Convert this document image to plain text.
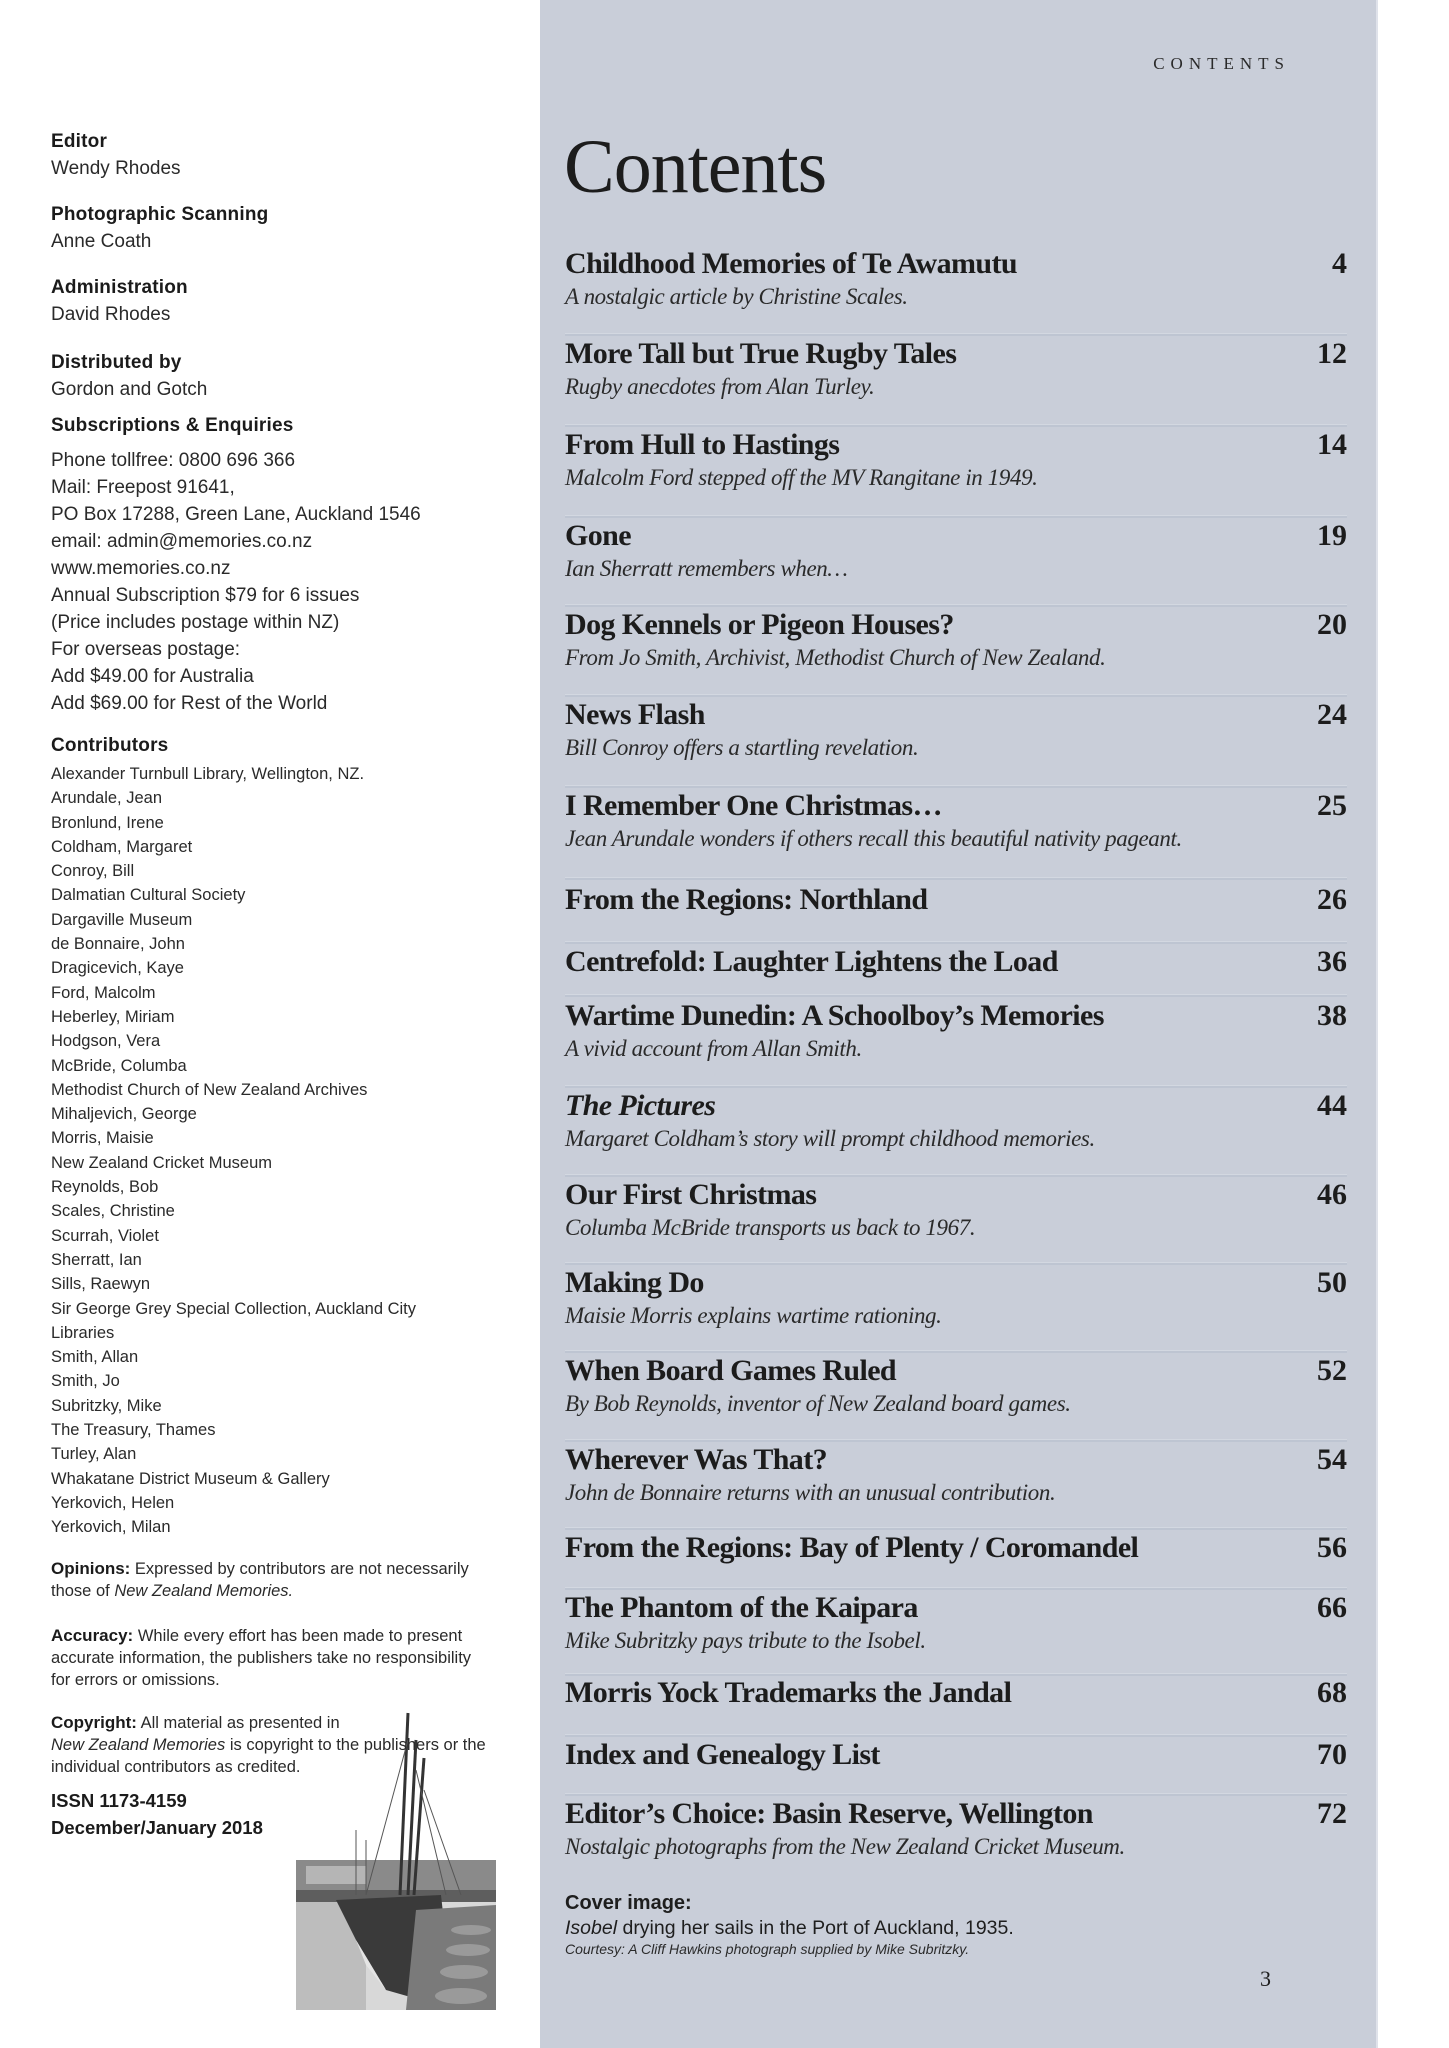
Editor
Wendy Rhodes
Photographic Scanning
Anne Coath
Administration
David Rhodes
Distributed by
Gordon and Gotch
Subscriptions & Enquiries
Phone tollfree: 0800 696 366
Mail: Freepost 91641,
PO Box 17288, Green Lane, Auckland 1546
email: admin@memories.co.nz
www.memories.co.nz
Annual Subscription $79 for 6 issues
(Price includes postage within NZ)
For overseas postage:
Add $49.00 for Australia
Add $69.00 for Rest of the World
Contributors
Alexander Turnbull Library, Wellington, NZ.
Arundale, Jean
Bronlund, Irene
Coldham, Margaret
Conroy, Bill
Dalmatian Cultural Society
Dargaville Museum
de Bonnaire, John
Dragicevich, Kaye
Ford, Malcolm
Heberley, Miriam
Hodgson, Vera
McBride, Columba
Methodist Church of New Zealand Archives
Mihaljevich, George
Morris, Maisie
New Zealand Cricket Museum
Reynolds, Bob
Scales, Christine
Scurrah, Violet
Sherratt, Ian
Sills, Raewyn
Sir George Grey Special Collection, Auckland City
Libraries
Smith, Allan
Smith, Jo
Subritzky, Mike
The Treasury, Thames
Turley, Alan
Whakatane District Museum & Gallery
Yerkovich, Helen
Yerkovich, Milan
Opinions: Expressed by contributors are not necessarily those of New Zealand Memories.
Accuracy: While every effort has been made to present accurate information, the publishers take no responsibility for errors or omissions.
Copyright: All material as presented in
New Zealand Memories is copyright to the publishers or the individual contributors as credited.
ISSN 1173-4159
December/January 2018
CONTENTS
Contents
Childhood Memories of Te Awamutu	4
A nostalgic article by Christine Scales.
More Tall but True Rugby Tales	12
Rugby anecdotes from Alan Turley.
From Hull to Hastings	14
Malcolm Ford stepped off the MV Rangitane in 1949.
Gone	19
Ian Sherratt remembers when…
Dog Kennels or Pigeon Houses?	20
From Jo Smith, Archivist, Methodist Church of New Zealand.
News Flash	24
Bill Conroy offers a startling revelation.
I Remember One Christmas…	25
Jean Arundale wonders if others recall this beautiful nativity pageant.
From the Regions: Northland	26
Centrefold: Laughter Lightens the Load	36
Wartime Dunedin: A Schoolboy’s Memories	38
A vivid account from Allan Smith.
The Pictures	44
Margaret Coldham’s story will prompt childhood memories.
Our First Christmas	46
Columba McBride transports us back to 1967.
Making Do	50
Maisie Morris explains wartime rationing.
When Board Games Ruled	52
By Bob Reynolds, inventor of New Zealand board games.
Wherever Was That?	54
John de Bonnaire returns with an unusual contribution.
From the Regions: Bay of Plenty / Coromandel	56
The Phantom of the Kaipara	66
Mike Subritzky pays tribute to the Isobel.
Morris Yock Trademarks the Jandal	68
Index and Genealogy List	70
Editor’s Choice: Basin Reserve, Wellington	72
Nostalgic photographs from the New Zealand Cricket Museum.
Cover image:
Isobel drying her sails in the Port of Auckland, 1935.
Courtesy: A Cliff Hawkins photograph supplied by Mike Subritzky.
3
